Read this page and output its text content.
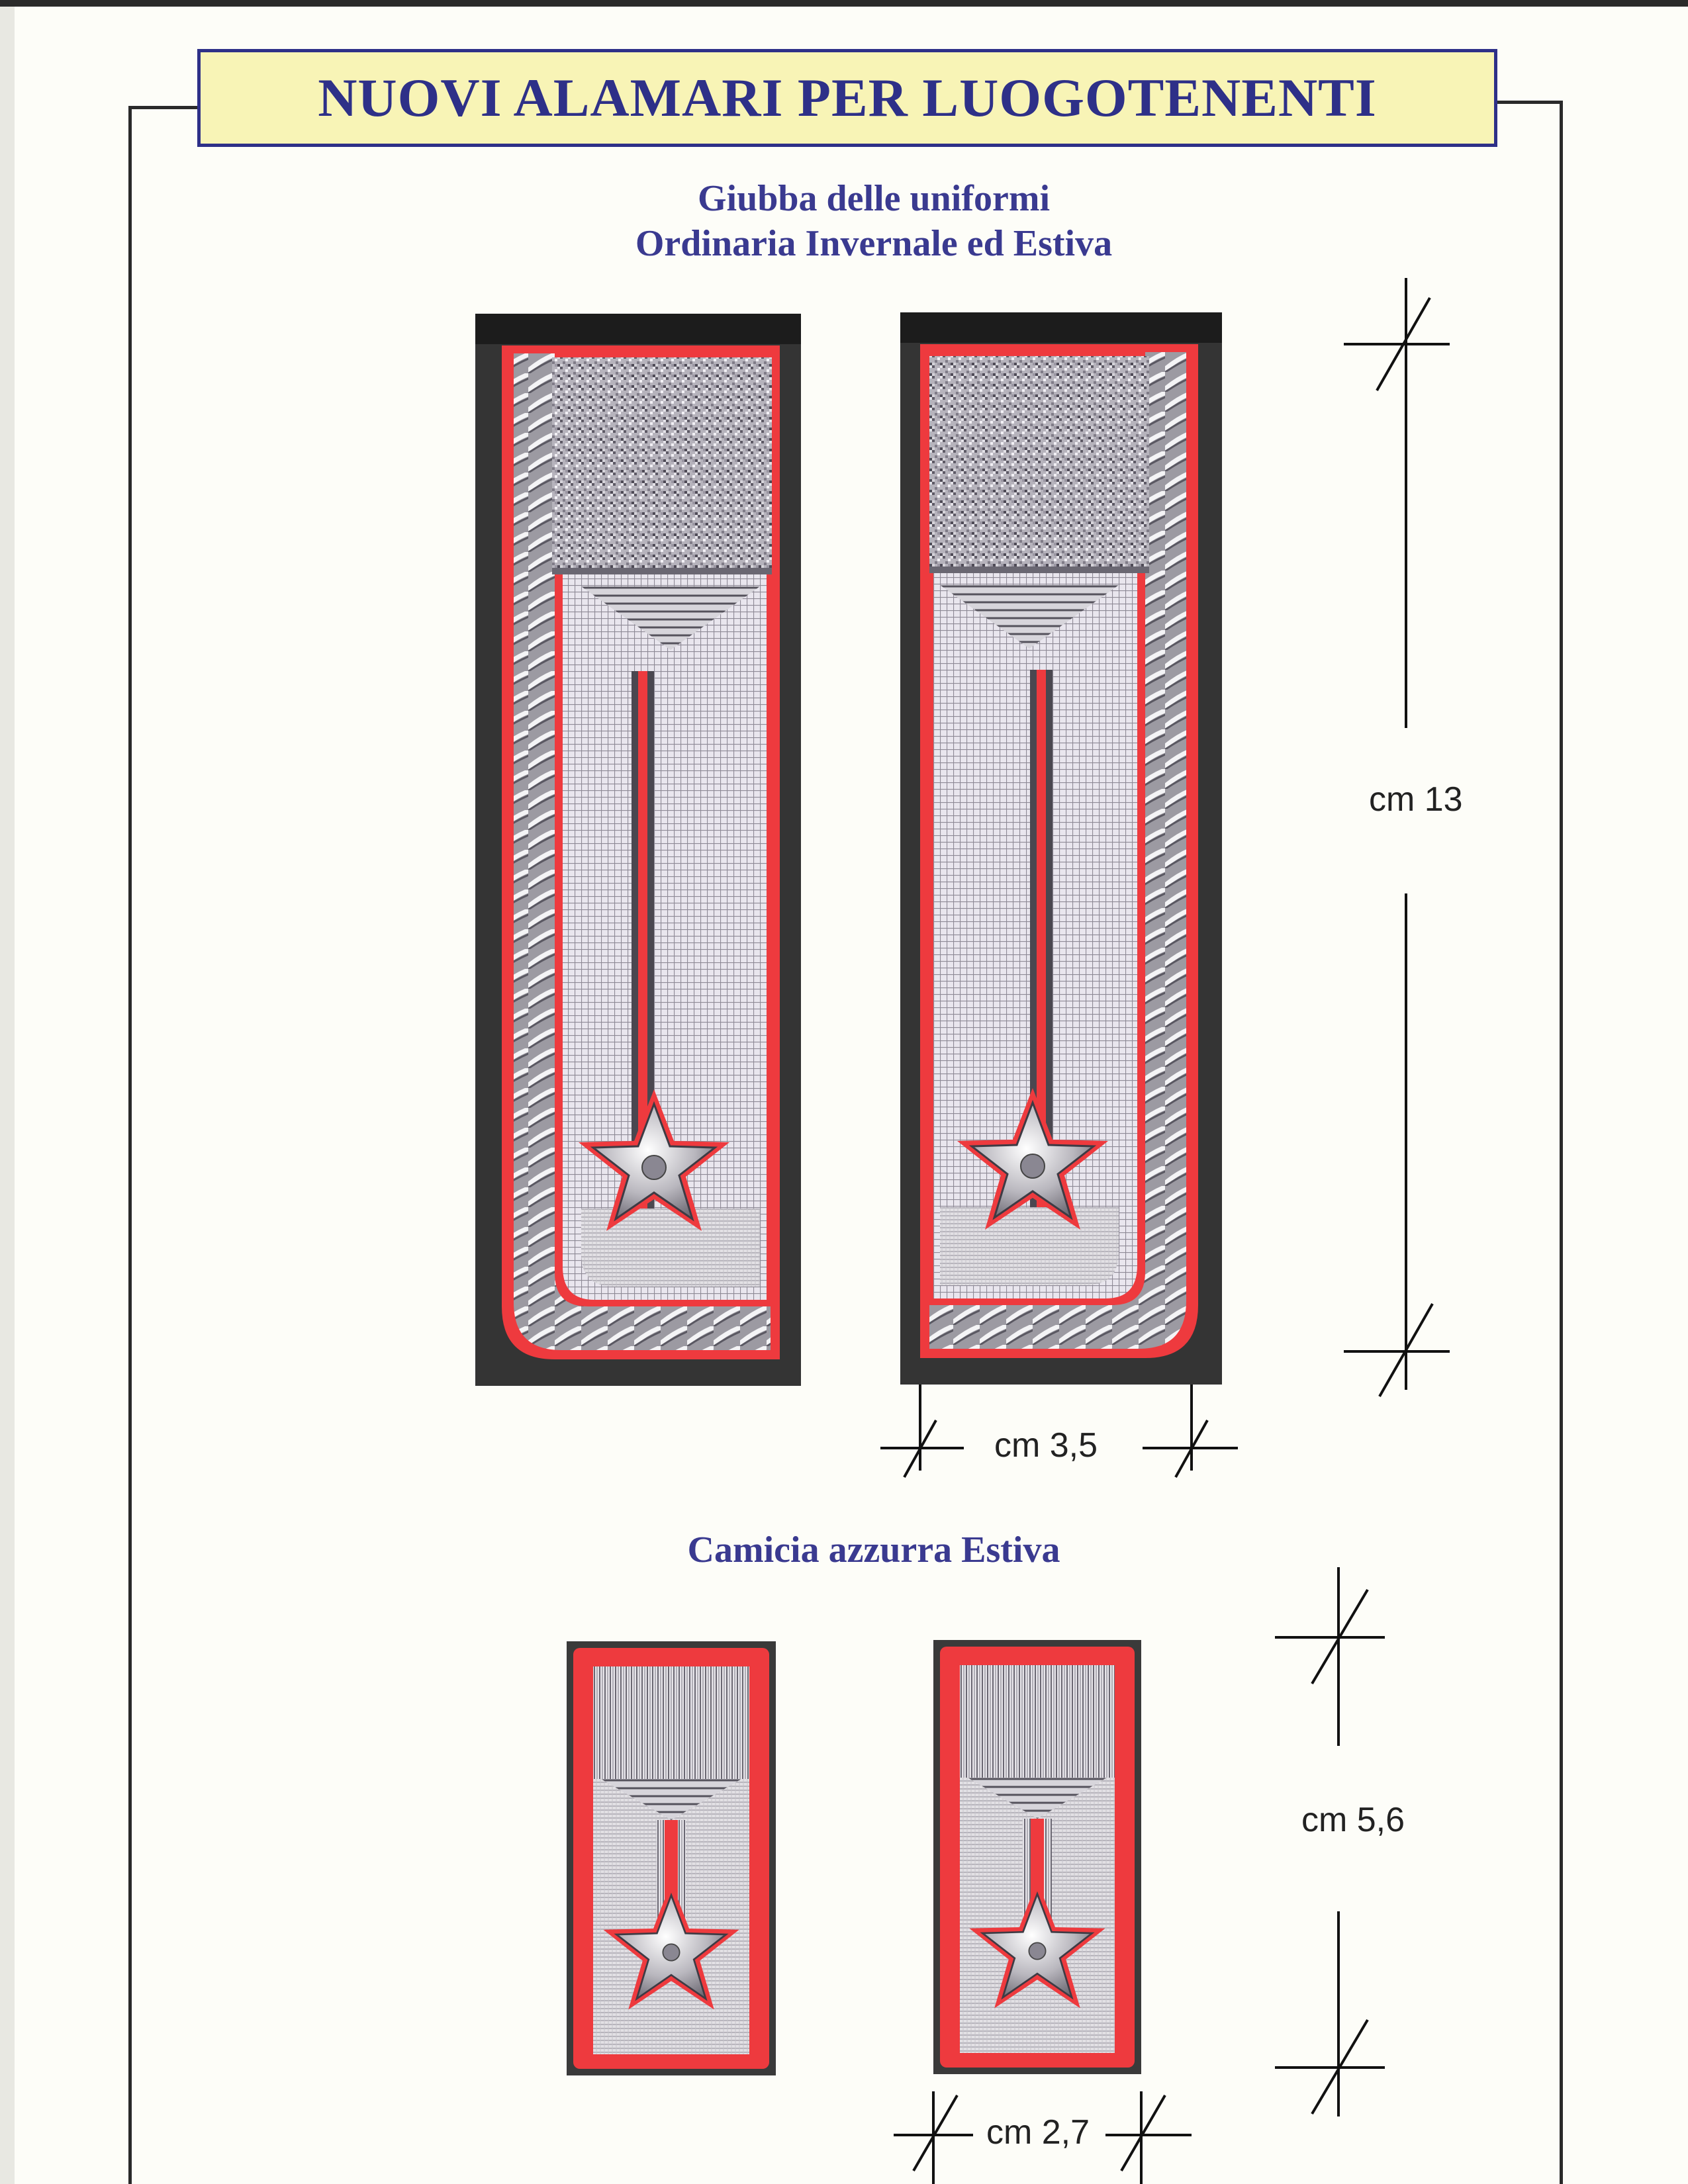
NUOVI ALAMARI PER LUOGOTENENTI
Giubba delle uniformi
Ordinaria Invernale ed Estiva
cm 13
cm 3,5
Camicia azzurra Estiva
cm 5,6
cm 2,7
